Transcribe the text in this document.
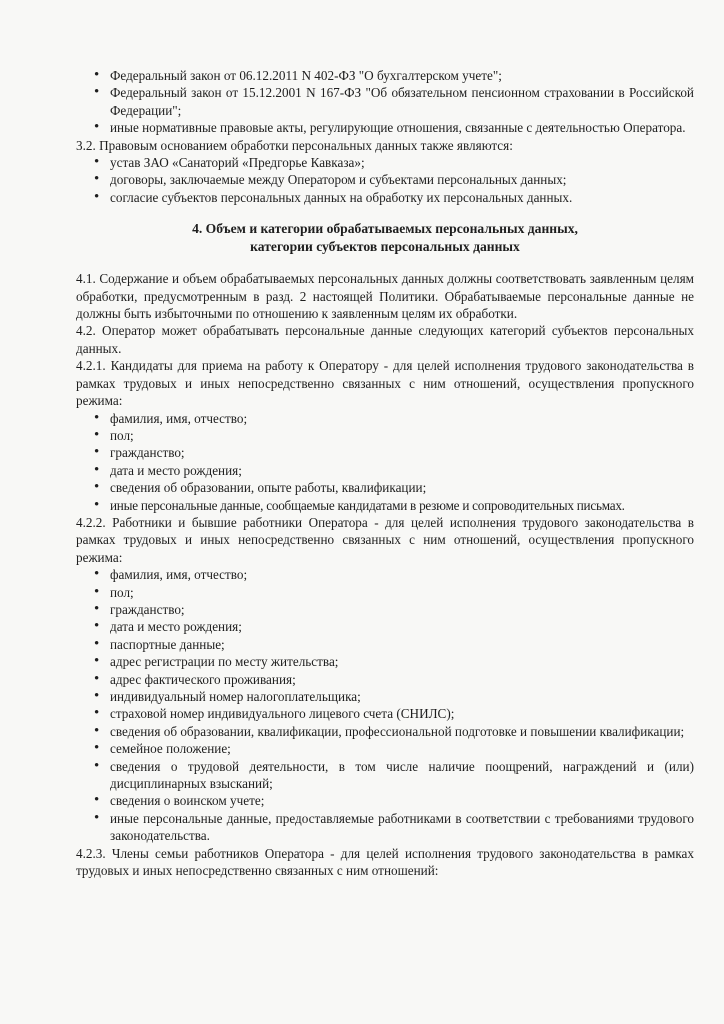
• Федеральный закон от 06.12.2011 N 402-ФЗ "О бухгалтерском учете";
• Федеральный закон от 15.12.2001 N 167-ФЗ "Об обязательном пенсионном страховании в Российской Федерации";
• иные нормативные правовые акты, регулирующие отношения, связанные с деятельностью Оператора.

3.2. Правовым основанием обработки персональных данных также являются:

• устав ЗАО «Санаторий «Предгорье Кавказа»;
• договоры, заключаемые между Оператором и субъектами персональных данных;
• согласие субъектов персональных данных на обработку их персональных данных.
4. Объем и категории обрабатываемых персональных данных,
категории субъектов персональных данных

4.1. Содержание и объем обрабатываемых персональных данных должны соответствовать заявленным целям обработки, предусмотренным в разд. 2 настоящей Политики. Обрабатываемые персональные данные не должны быть избыточными по отношению к заявленным целям их обработки.

4.2. Оператор может обрабатывать персональные данные следующих категорий субъектов персональных данных.

4.2.1. Кандидаты для приема на работу к Оператору - для целей исполнения трудового законодательства в рамках трудовых и иных непосредственно связанных с ним отношений, осуществления пропускного режима:

• фамилия, имя, отчество;
• пол;
• гражданство;
• дата и место рождения;
• сведения об образовании, опыте работы, квалификации;
• иные персональные данные, сообщаемые кандидатами в резюме и сопроводительных письмах.

4.2.2. Работники и бывшие работники Оператора - для целей исполнения трудового законодательства в рамках трудовых и иных непосредственно связанных с ним отношений, осуществления пропускного режима:

• фамилия, имя, отчество;
• пол;
• гражданство;
• дата и место рождения;
• паспортные данные;
• адрес регистрации по месту жительства;
• адрес фактического проживания;
• индивидуальный номер налогоплательщика;
• страховой номер индивидуального лицевого счета (СНИЛС);
• сведения об образовании, квалификации, профессиональной подготовке и повышении квалификации;
• семейное положение;
• сведения о трудовой деятельности, в том числе наличие поощрений, награждений и (или) дисциплинарных взысканий;
• сведения о воинском учете;
• иные персональные данные, предоставляемые работниками в соответствии с требованиями трудового законодательства.

4.2.3. Члены семьи работников Оператора - для целей исполнения трудового законодательства в рамках трудовых и иных непосредственно связанных с ним отношений:
